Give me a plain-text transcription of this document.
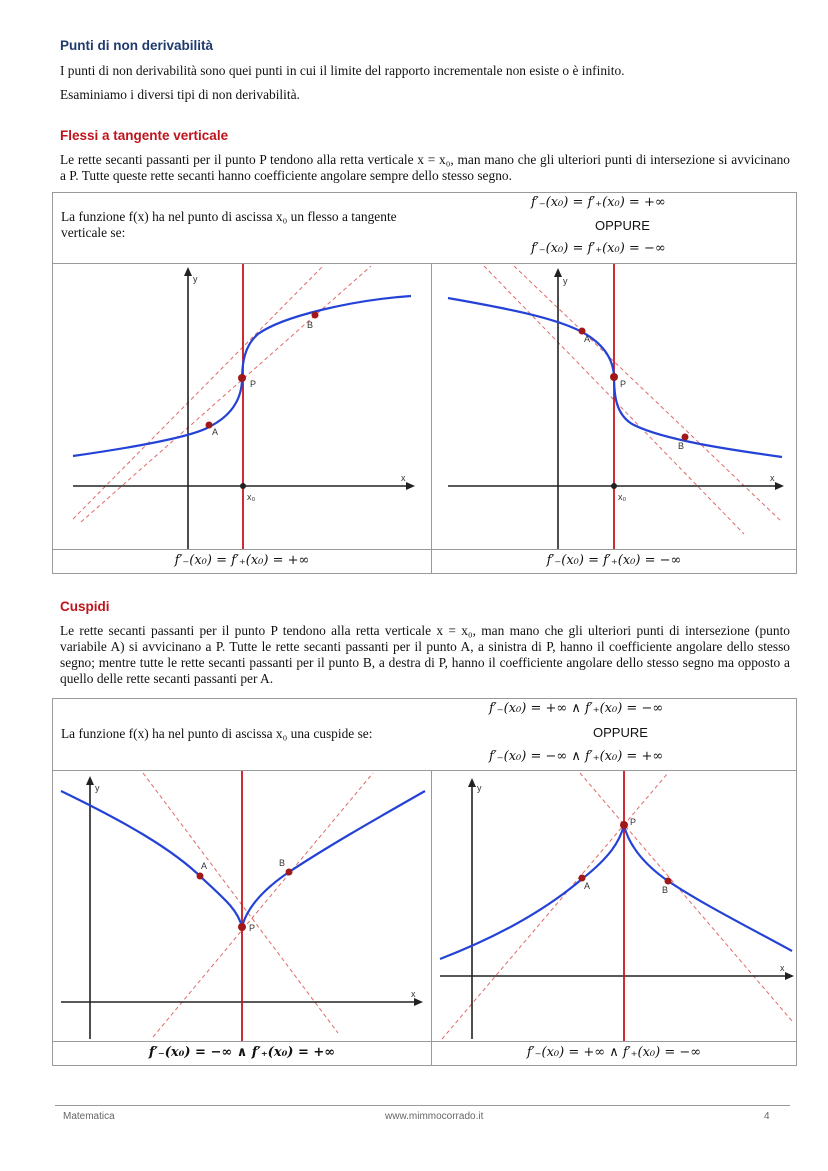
Punti di non derivabilità
I punti di non derivabilità sono quei punti in cui il limite del rapporto incrementale non esiste o è infinito.
Esaminiamo i diversi tipi di non derivabilità.
Flessi a tangente verticale
Le rette secanti passanti per il punto P tendono alla retta verticale x = x₀, man mano che gli ulteriori punti di intersezione si avvicinano a P. Tutte queste rette secanti hanno coefficiente angolare sempre dello stesso segno.
La funzione f(x) ha nel punto di ascissa x₀ un flesso a tangente verticale se:
f′₋(x₀) = f′₊(x₀) = +∞
OPPURE
f′₋(x₀) = f′₊(x₀) = −∞
y
x
x₀
P
A
B
y
x
x₀
P
A
B
f′₋(x₀) = f′₊(x₀) = +∞	f′₋(x₀) = f′₊(x₀) = −∞
Cuspidi
Le rette secanti passanti per il punto P tendono alla retta verticale x = x₀, man mano che gli ulteriori punti di intersezione (punto variabile A) si avvicinano a P. Tutte le rette secanti passanti per il punto A, a sinistra di P, hanno il coefficiente angolare dello stesso segno; mentre tutte le rette secanti passanti per il punto B, a destra di P, hanno il coefficiente angolare dello stesso segno ma opposto a quello delle rette secanti passanti per A.
La funzione f(x) ha nel punto di ascissa x₀ una cuspide se:
f′₋(x₀) = +∞ ∧ f′₊(x₀) = −∞
OPPURE
f′₋(x₀) = −∞ ∧ f′₊(x₀) = +∞
y
x
P
A	B
y
x
P
A	B
f′₋(x₀) = −∞ ∧ f′₊(x₀) = +∞	f′₋(x₀) = +∞ ∧ f′₊(x₀) = −∞
Matematica	www.mimmocorrado.it	4
